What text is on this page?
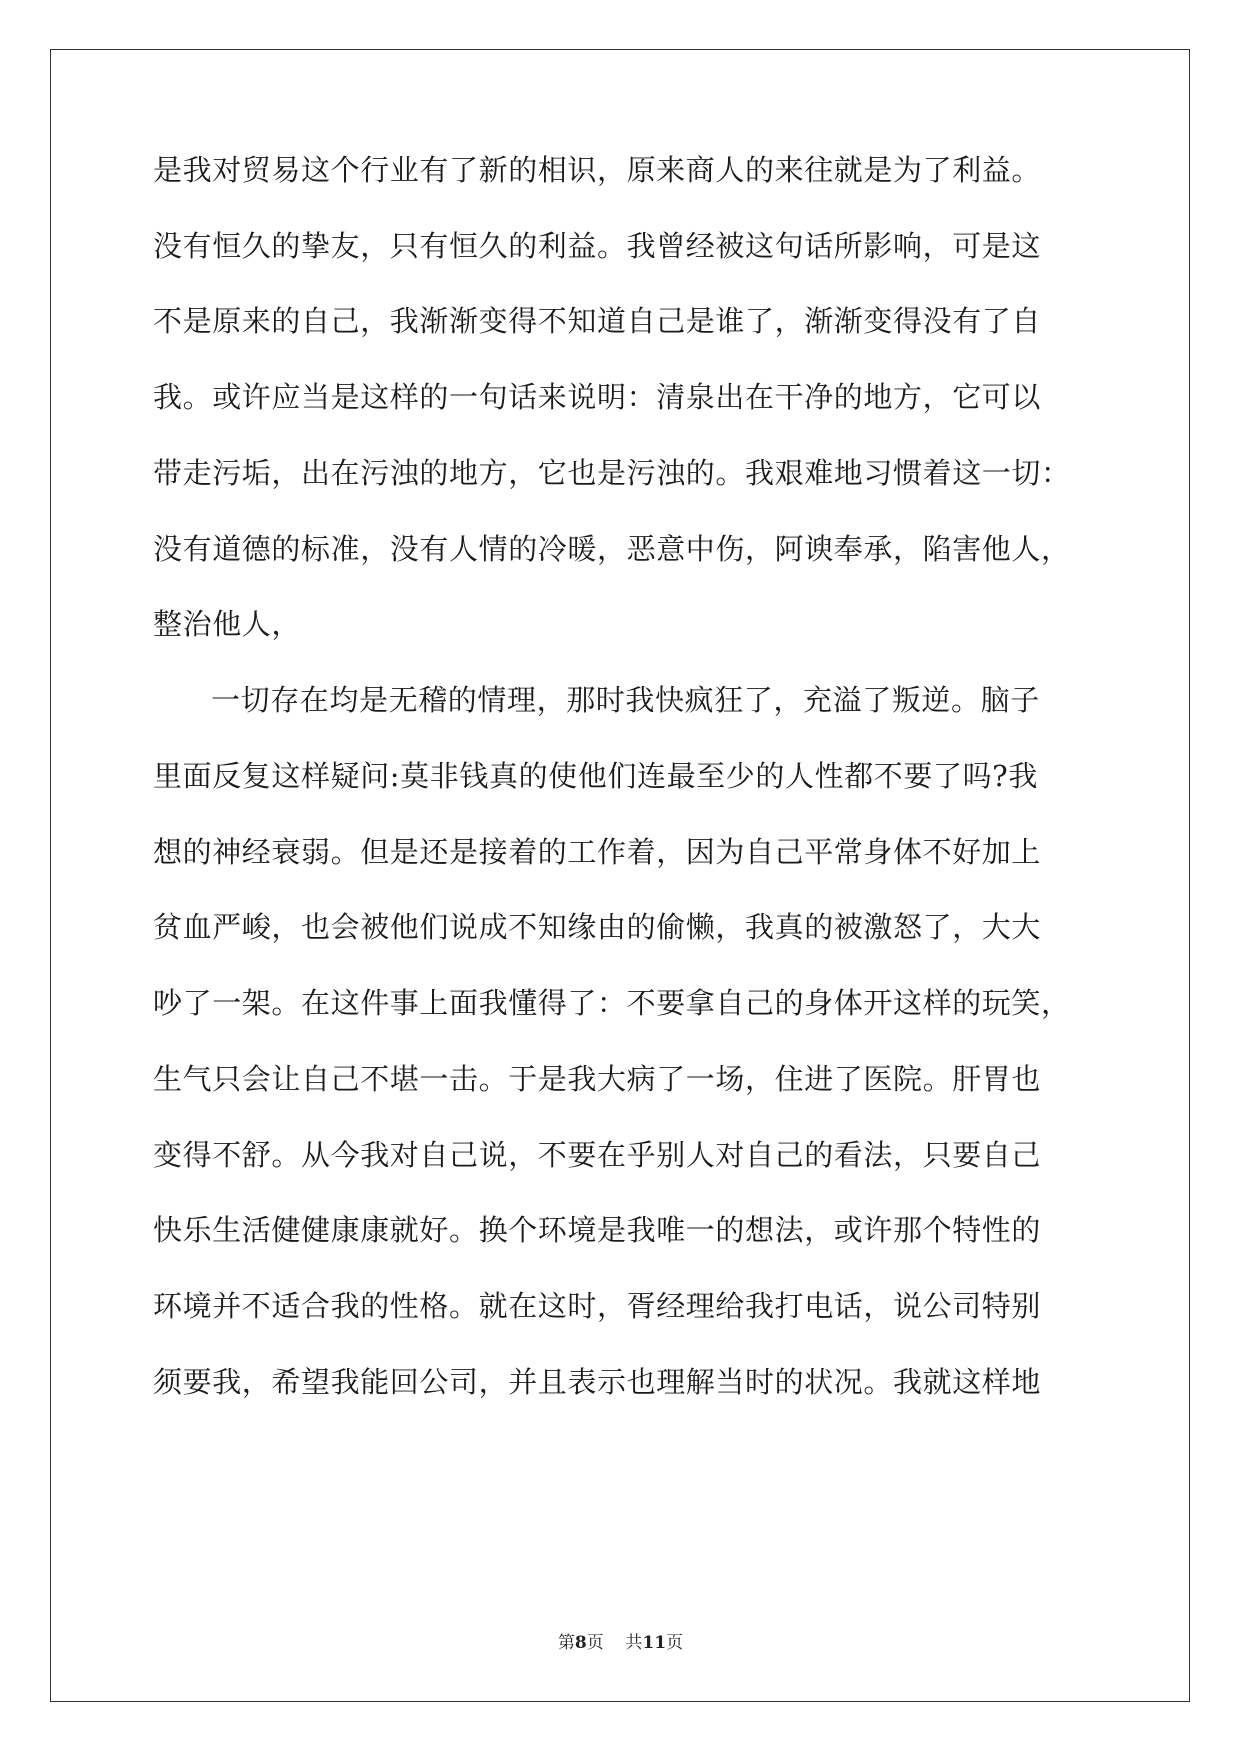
是我对贸易这个行业有了新的相识，原来商人的来往就是为了利益。

没有恒久的挚友，只有恒久的利益。我曾经被这句话所影响，可是这

不是原来的自己，我渐渐变得不知道自己是谁了，渐渐变得没有了自

我。或许应当是这样的一句话来说明：清泉出在干净的地方，它可以

带走污垢，出在污浊的地方，它也是污浊的。我艰难地习惯着这一切：

没有道德的标准，没有人情的冷暖，恶意中伤，阿谀奉承，陷害他人，

整治他人，

一切存在均是无稽的情理，那时我快疯狂了，充溢了叛逆。脑子

里面反复这样疑问:莫非钱真的使他们连最至少的人性都不要了吗?我

想的神经衰弱。但是还是接着的工作着，因为自己平常身体不好加上

贫血严峻，也会被他们说成不知缘由的偷懒，我真的被激怒了，大大

吵了一架。在这件事上面我懂得了：不要拿自己的身体开这样的玩笑，

生气只会让自己不堪一击。于是我大病了一场，住进了医院。肝胃也

变得不舒。从今我对自己说，不要在乎别人对自己的看法，只要自己

快乐生活健健康康就好。换个环境是我唯一的想法，或许那个特性的

环境并不适合我的性格。就在这时，胥经理给我打电话，说公司特别

须要我，希望我能回公司，并且表示也理解当时的状况。我就这样地

第8页 共11页
